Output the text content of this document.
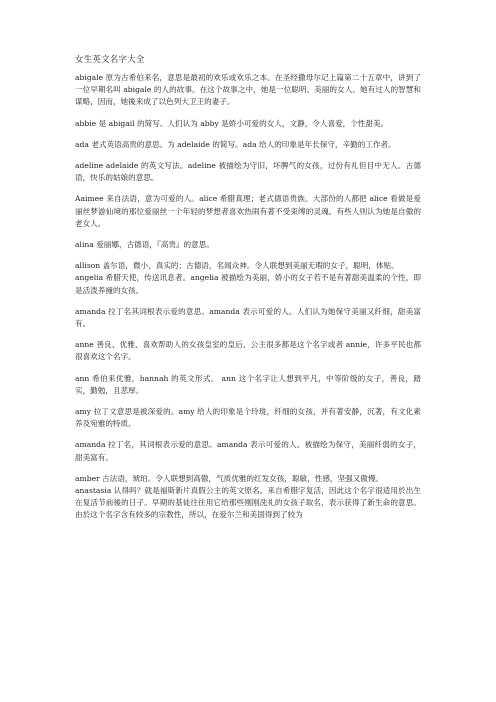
女生英文名字大全

abigale 原为古希伯来名，意思是最初的欢乐或欢乐之本。在圣经撒母尔记上篇第二十五章中，讲到了一位早期名叫 abigale 的人的故事。在这个故事之中，她是一位聪明、美丽的女人。她有过人的智慧和谋略，因而，她後来成了以色列大卫王的妻子。

abbie 是 abigail 的简写。人们认为 abby 是娇小可爱的女人，文静，令人喜爱，个性甜美。

ada 老式英语高贵的意思。为 adelaide 的简写。ada 给人的印象是年长保守，辛勤的工作者。

adeline adelaide 的英文写法。adeline 被描绘为守旧，坏脾气的女孩，过份有礼但目中无人。古德语，快乐的姑娘的意思。

Aaimee 来自法语，意为可爱的人。alice 希腊真理；老式德语贵族。大部份的人都把 alice 看做是爱丽丝梦游仙境的那位爱丽丝一个年轻的梦想者喜欢热闹有著不受束缚的灵魂。有些人则认为她是自傲的老女人。

alina 爱丽娜，古德语，『高贵』的意思。

allison 盖尔语，微小，真实的；古德语，名闻众神。令人联想到美丽无瑕的女子，聪明，体贴。

angelia 希腊天使，传送讯息者。angelia 被描绘为美丽，娇小的女子若不是有著甜美温柔的个性，即是活泼养撞的女孩。

amanda 拉丁名其词根表示爱的意思。amanda 表示可爱的人。人们认为她保守美丽又纤细，甜美富有。

anne 善良、优雅、喜欢帮助人的女孩皇室的皇后、公主很多都是这个名字或者 annie，许多平民也都很喜欢这个名字。

ann 希伯来优雅，hannah 的英文形式。 ann 这个名字让人想到平凡，中等阶级的女子，善良，踏实，勤勉，且悲厚。

amy 拉丁文意思是被深爱的。amy 给人的印象是个玲珑，纤细的女孩，并有著安静，沉著，有文化素养及宛雅的特质。

amanda 拉丁名，其词根表示爱的意思。amanda 表示可爱的人。被描绘为保守，美丽纤弱的女子，甜美富有。

amber 古法语，琥珀。令人联想到高傲，气质优雅的红发女孩，聪敏，性感，坚强又傲慢。

anastasia 认得吗？就是福斯新片真假公主的英文原名。来自希腊字复活，因此这个名字很适用於出生在复活节前後的日子。早期的基徒往往用它给那些刚刚洗礼的女孩子取名，表示获得了新生命的意思。由於这个名字含有较多的宗教性，所以，在爱尔兰和美国得到了较为
